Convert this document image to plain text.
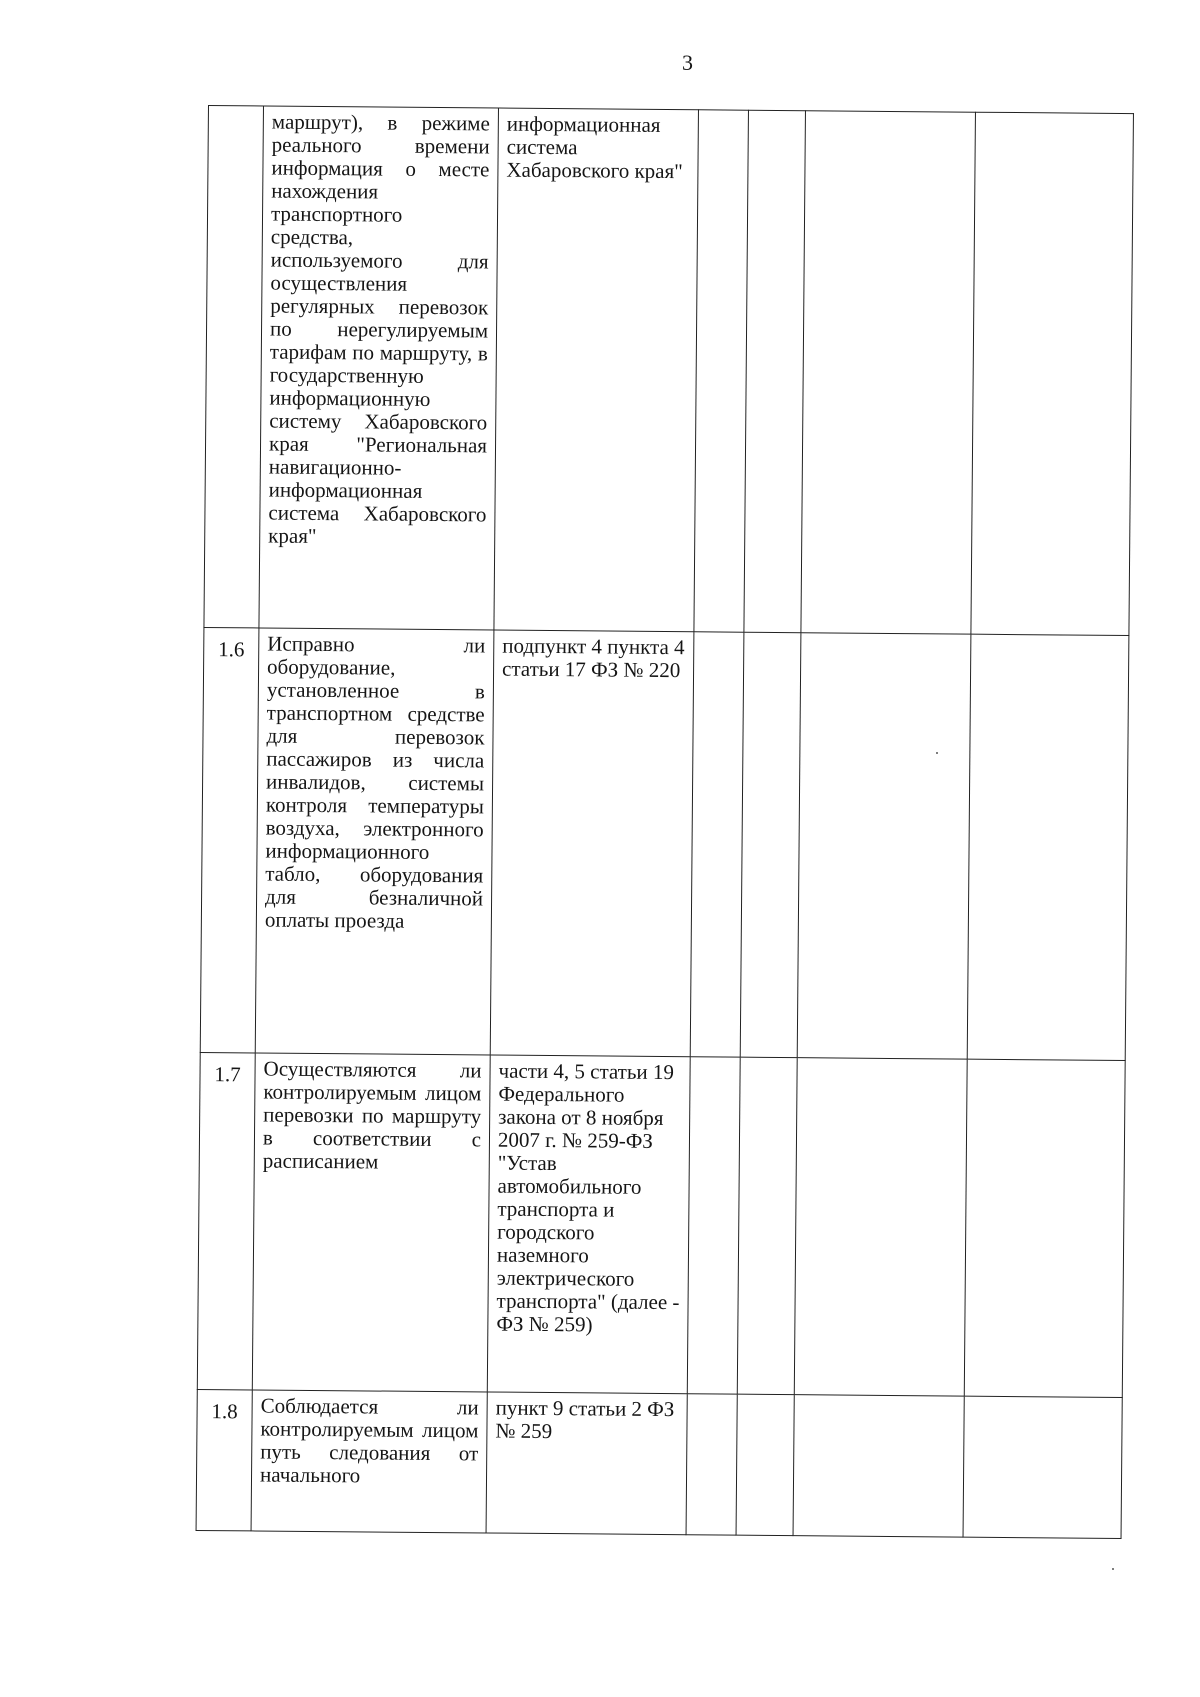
3
	маршрут), в режиме реального времени информация о месте нахождения транспортного средства, используемого для осуществления регулярных перевозок по нерегулируемым тарифам по маршруту, в государственную информационную систему Хабаровского края "Региональная навигационно-информационная система Хабаровского края"	информационная система Хабаровского края"				
1.6	Исправно ли оборудование, установленное в транспортном средстве для перевозок пассажиров из числа инвалидов, системы контроля температуры воздуха, электронного информационного табло, оборудования для безналичной оплаты проезда	подпункт 4 пункта 4 статьи 17 ФЗ № 220				
1.7	Осуществляются ли контролируемым лицом перевозки по маршруту в соответствии с расписанием	части 4, 5 статьи 19 Федерального закона от 8 ноября 2007 г. № 259-ФЗ "Устав автомобильного транспорта и городского наземного электрического транспорта" (далее - ФЗ № 259)				
1.8	Соблюдается ли контролируемым лицом путь следования от начального	пункт 9 статьи 2 ФЗ № 259				
